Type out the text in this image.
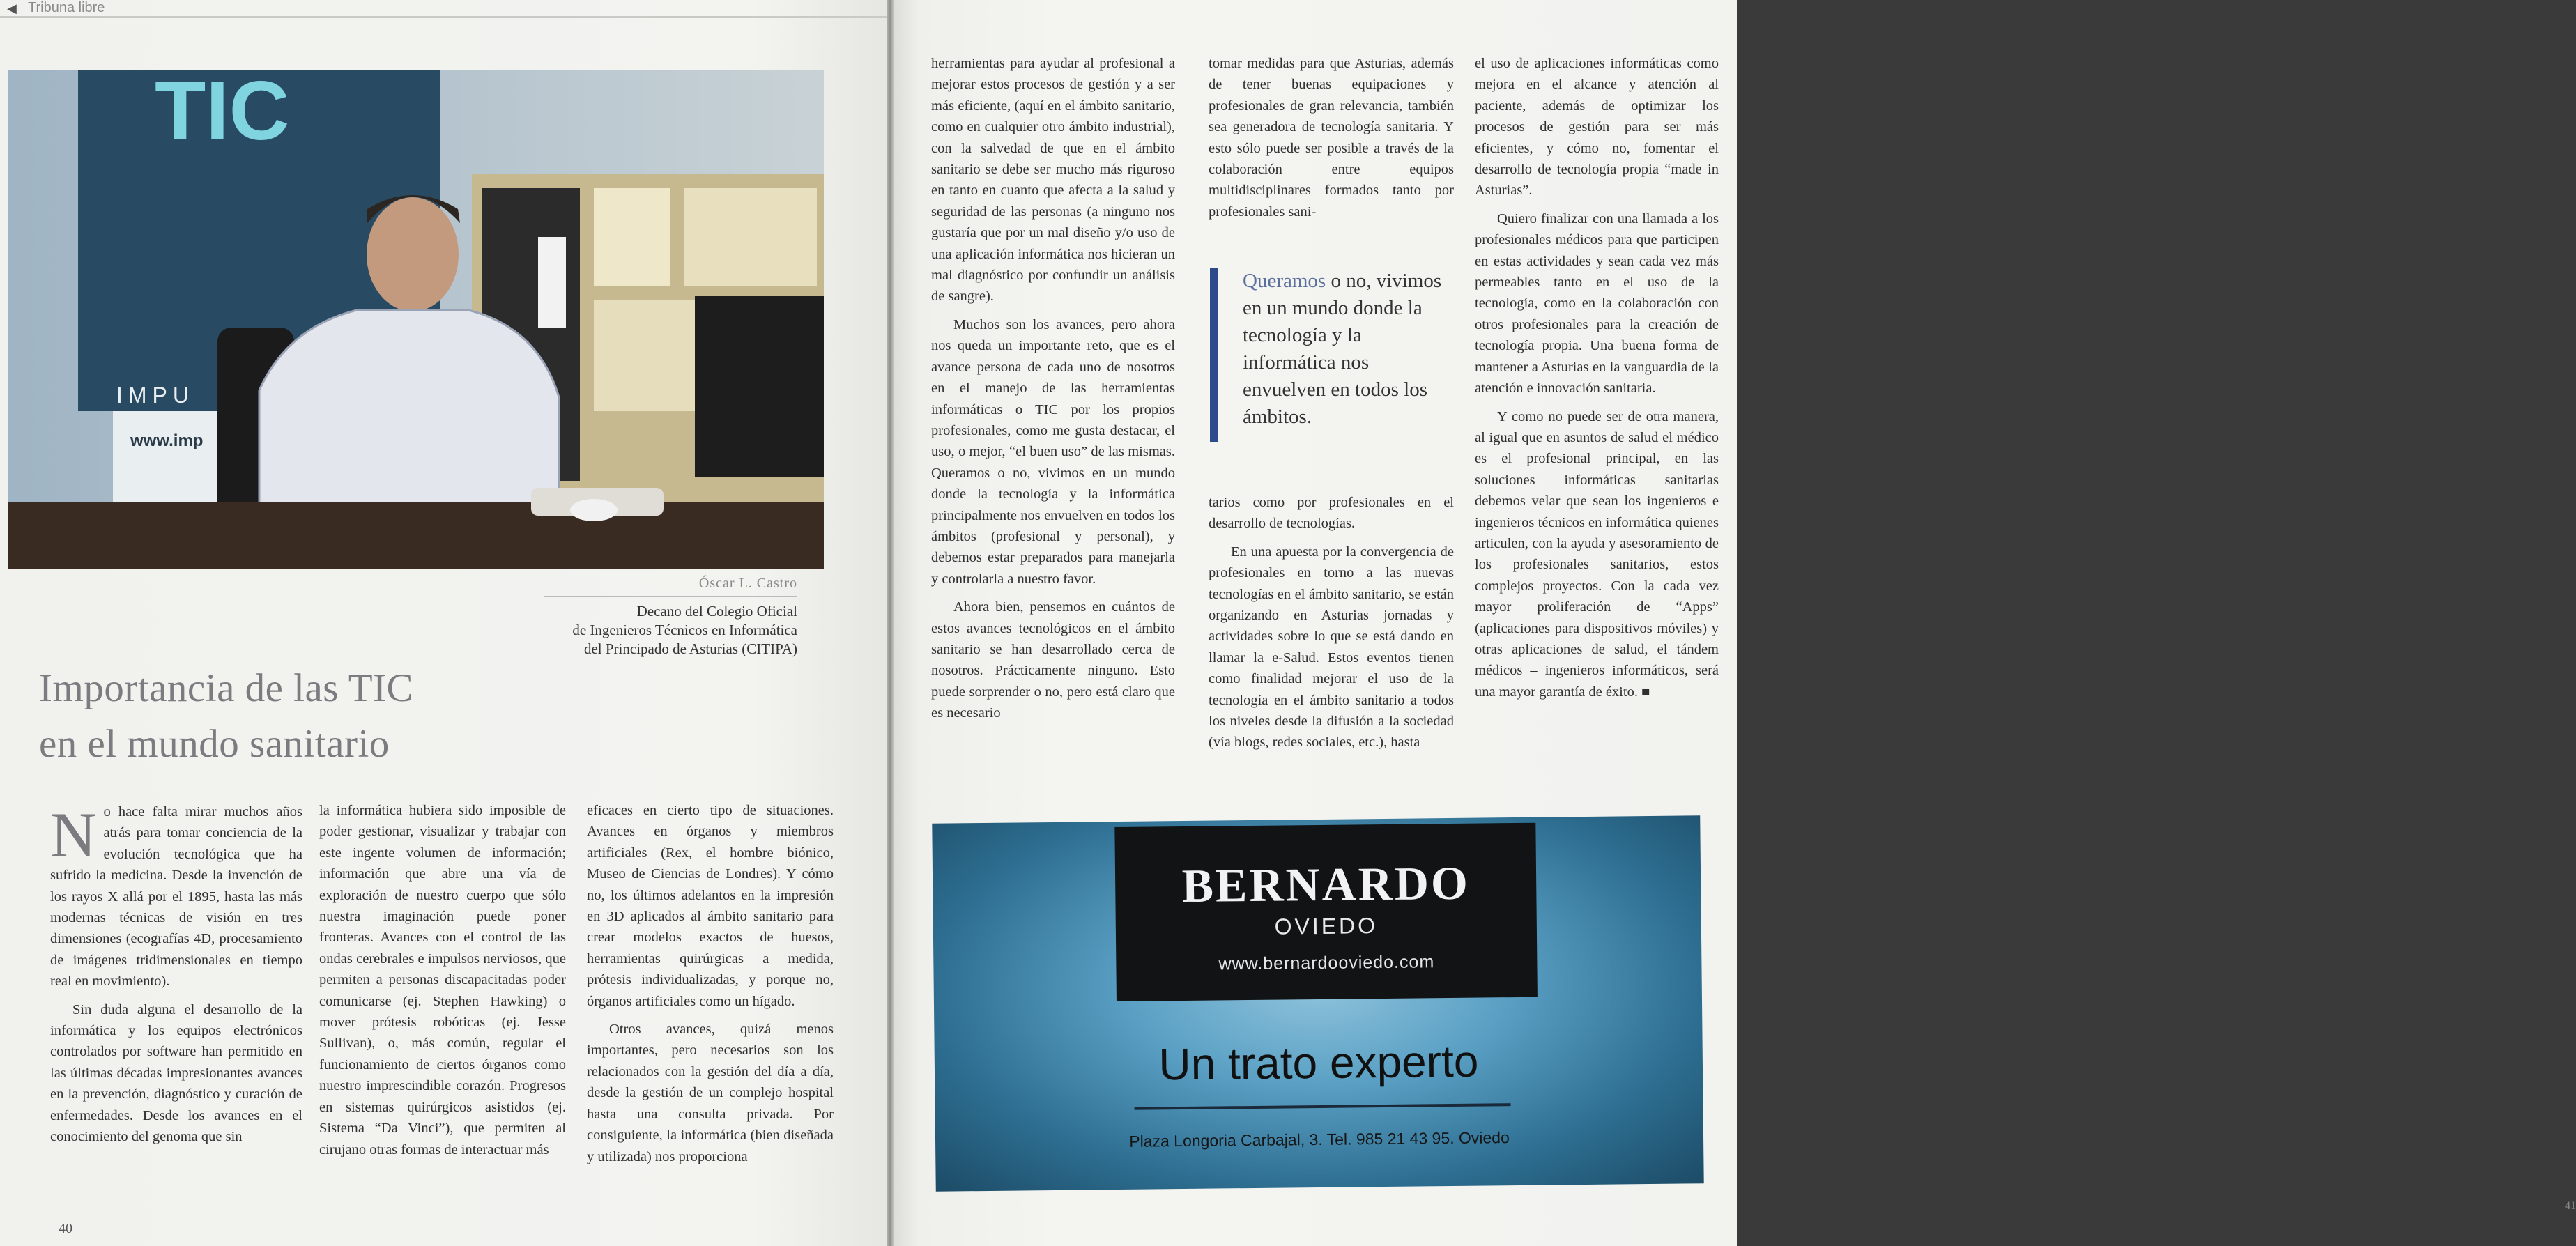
◀ Tribuna libre
TIC
IMPU
www.imp
Óscar L. Castro
Decano del Colegio Oficial
de Ingenieros Técnicos en Informática
del Principado de Asturias (CITIPA)
Importancia de las TIC
en el mundo sanitario

No hace falta mirar muchos años atrás para tomar conciencia de la evolución tecnológica que ha sufrido la medicina. Desde la invención de los rayos X allá por el 1895, hasta las más modernas técnicas de visión en tres dimensiones (ecografías 4D, procesamiento de imágenes tridimensionales en tiempo real en movimiento).

Sin duda alguna el desarrollo de la informática y los equipos electrónicos controlados por software han permitido en las últimas décadas impresionantes avances en la prevención, diagnóstico y curación de enfermedades. Desde los avances en el conocimiento del genoma que sin

la informática hubiera sido imposible de poder gestionar, visualizar y trabajar con este ingente volumen de información; información que abre una vía de exploración de nuestro cuerpo que sólo nuestra imaginación puede poner fronteras. Avances con el control de las ondas cerebrales e impulsos nerviosos, que permiten a personas discapacitadas poder comunicarse (ej. Stephen Hawking) o mover prótesis robóticas (ej. Jesse Sullivan), o, más común, regular el funcionamiento de ciertos órganos como nuestro imprescindible corazón. Progresos en sistemas quirúrgicos asistidos (ej. Sistema “Da Vinci”), que permiten al cirujano otras formas de interactuar más

eficaces en cierto tipo de situaciones. Avances en órganos y miembros artificiales (Rex, el hombre biónico, Museo de Ciencias de Londres). Y cómo no, los últimos adelantos en la impresión en 3D aplicados al ámbito sanitario para crear modelos exactos de huesos, herramientas quirúrgicas a medida, prótesis individualizadas, y porque no, órganos artificiales como un hígado.

Otros avances, quizá menos importantes, pero necesarios son los relacionados con la gestión del día a día, desde la gestión de un complejo hospital hasta una consulta privada. Por consiguiente, la informática (bien diseñada y utilizada) nos proporciona

40

herramientas para ayudar al profesional a mejorar estos procesos de gestión y a ser más eficiente, (aquí en el ámbito sanitario, como en cualquier otro ámbito industrial), con la salvedad de que en el ámbito sanitario se debe ser mucho más riguroso en tanto en cuanto que afecta a la salud y seguridad de las personas (a ninguno nos gustaría que por un mal diseño y/o uso de una aplicación informática nos hicieran un mal diagnóstico por confundir un análisis de sangre).

Muchos son los avances, pero ahora nos queda un importante reto, que es el avance persona de cada uno de nosotros en el manejo de las herramientas informáticas o TIC por los propios profesionales, como me gusta destacar, el uso, o mejor, “el buen uso” de las mismas. Queramos o no, vivimos en un mundo donde la tecnología y la informática principalmente nos envuelven en todos los ámbitos (profesional y personal), y debemos estar preparados para manejarla y controlarla a nuestro favor.

Ahora bien, pensemos en cuántos de estos avances tecnológicos en el ámbito sanitario se han desarrollado cerca de nosotros. Prácticamente ninguno. Esto puede sorprender o no, pero está claro que es necesario

tomar medidas para que Asturias, además de tener buenas equipaciones y profesionales de gran relevancia, también sea generadora de tecnología sanitaria. Y esto sólo puede ser posible a través de la colaboración entre equipos multidisciplinares formados tanto por profesionales sani-

tarios como por profesionales en el desarrollo de tecnologías.

En una apuesta por la convergencia de profesionales en torno a las nuevas tecnologías en el ámbito sanitario, se están organizando en Asturias jornadas y actividades sobre lo que se está dando en llamar la e-Salud. Estos eventos tienen como finalidad mejorar el uso de la tecnología en el ámbito sanitario a todos los niveles desde la difusión a la sociedad (vía blogs, redes sociales, etc.), hasta

el uso de aplicaciones informáticas como mejora en el alcance y atención al paciente, además de optimizar los procesos de gestión para ser más eficientes, y cómo no, fomentar el desarrollo de tecnología propia “made in Asturias”.

Quiero finalizar con una llamada a los profesionales médicos para que participen en estas actividades y sean cada vez más permeables tanto en el uso de la tecnología, como en la colaboración con otros profesionales para la creación de tecnología propia. Una buena forma de mantener a Asturias en la vanguardia de la atención e innovación sanitaria.

Y como no puede ser de otra manera, al igual que en asuntos de salud el médico es el profesional principal, en las soluciones informáticas sanitarias debemos velar que sean los ingenieros e ingenieros técnicos en informática quienes articulen, con la ayuda y asesoramiento de los profesionales sanitarios, estos complejos proyectos. Con la cada vez mayor proliferación de “Apps” (aplicaciones para dispositivos móviles) y otras aplicaciones de salud, el tándem médicos – ingenieros informáticos, será una mayor garantía de éxito. ■

41
Queramos o no, vivimos en un mundo donde la tecnología y la informática nos envuelven en todos los ámbitos.
BERNARDO
OVIEDO
www.bernardooviedo.com
Un trato experto
Plaza Longoria Carbajal, 3. Tel. 985 21 43 95. Oviedo
